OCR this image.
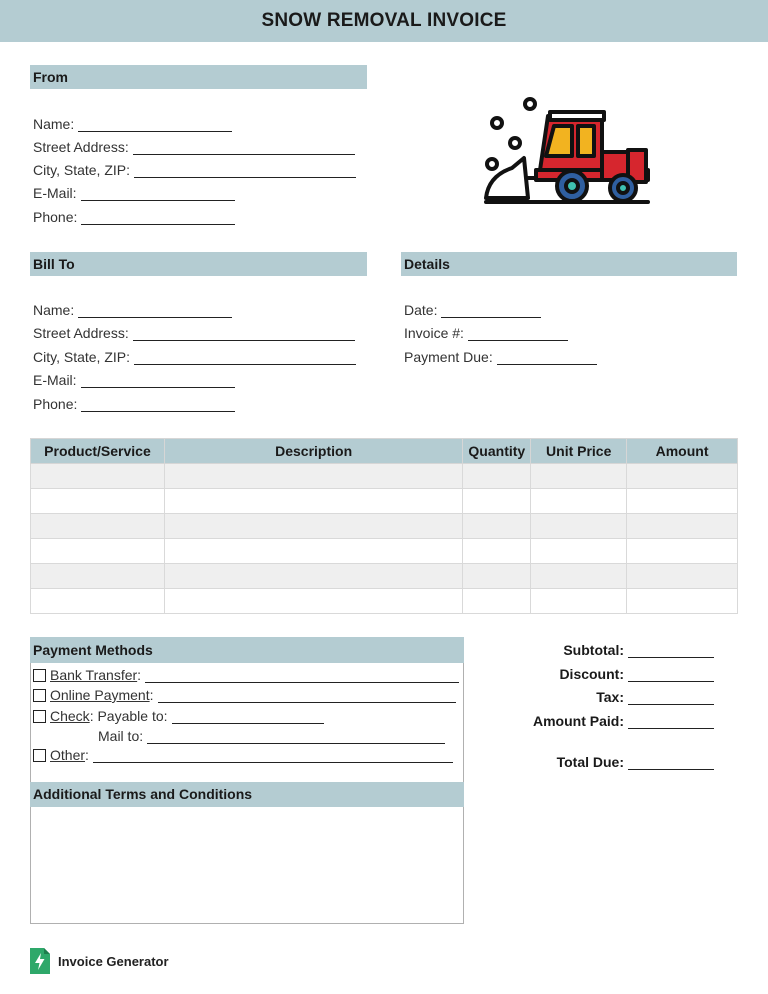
SNOW REMOVAL INVOICE
From
Name:
Street Address:
City, State, ZIP:
E-Mail:
Phone:
Bill To
Name:
Street Address:
City, State, ZIP:
E-Mail:
Phone:
Details
Date:
Invoice #:
Payment Due:
Product/Service	Description	Quantity	Unit Price	Amount

Payment Methods
Bank Transfer :
Online Payment :
Check : Payable to:
Mail to:
Other :
Additional Terms and Conditions
Subtotal:
Discount:
Tax:
Amount Paid:
Total Due:
Invoice Generator
